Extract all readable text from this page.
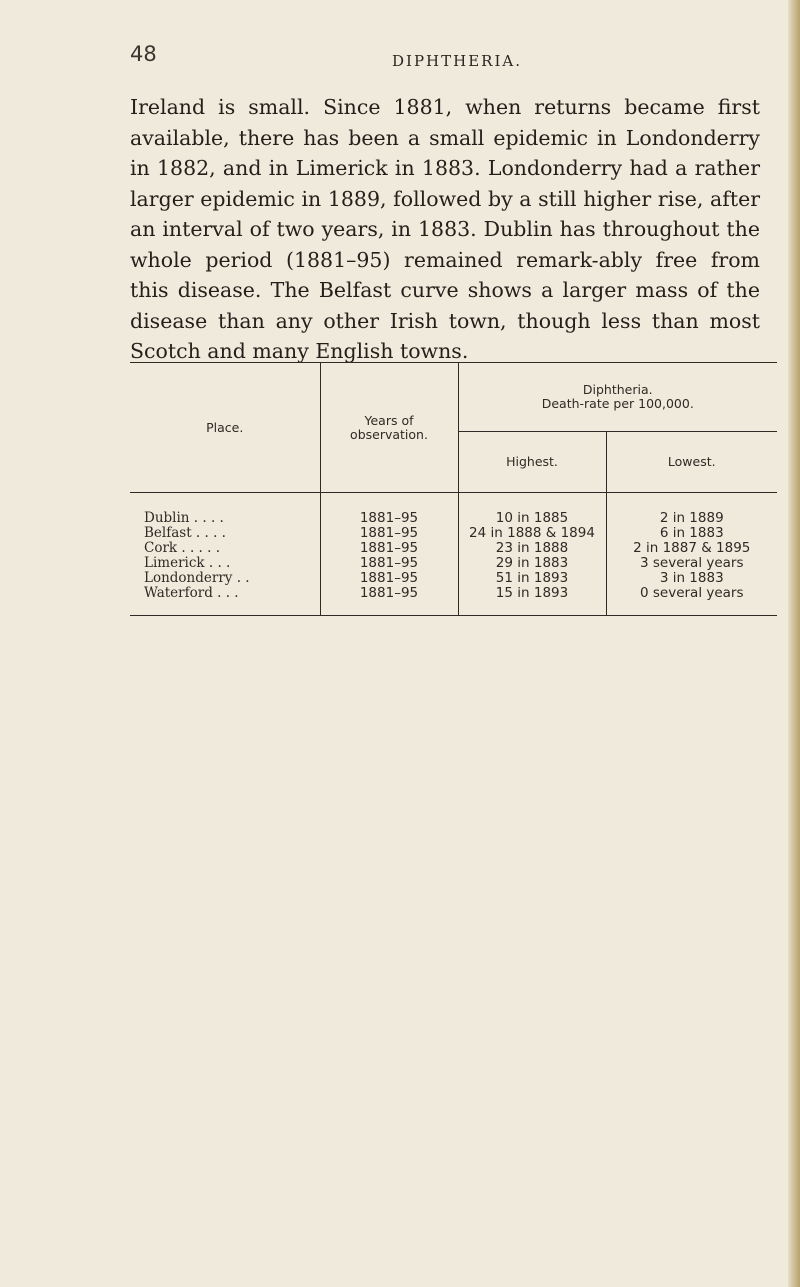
48	DIPHTHERIA.

Ireland is small. Since 1881, when returns became first available, there has been a small epidemic in Londonderry in 1882, and in Limerick in 1883. Londonderry had a rather larger epidemic in 1889, followed by a still higher rise, after an interval of two years, in 1883. Dublin has throughout the whole period (1881–95) remained remark-ably free from this disease. The Belfast curve shows a larger mass of the disease than any other Irish town, though less than most Scotch and many English towns.

Place.	Years of observation.	Diphtheria.
Death-rate per 100,000.	

		Highest.	Lowest.
Dublin . . . .	1881–95	10 in 1885	2 in 1889
Belfast . . . .	1881–95	24 in 1888 & 1894	6 in 1883
Cork . . . . .	1881–95	23 in 1888	2 in 1887 & 1895
Limerick . . .	1881–95	29 in 1883	3 several years
Londonderry . .	1881–95	51 in 1893	3 in 1883
Waterford . . .	1881–95	15 in 1893	0 several years
